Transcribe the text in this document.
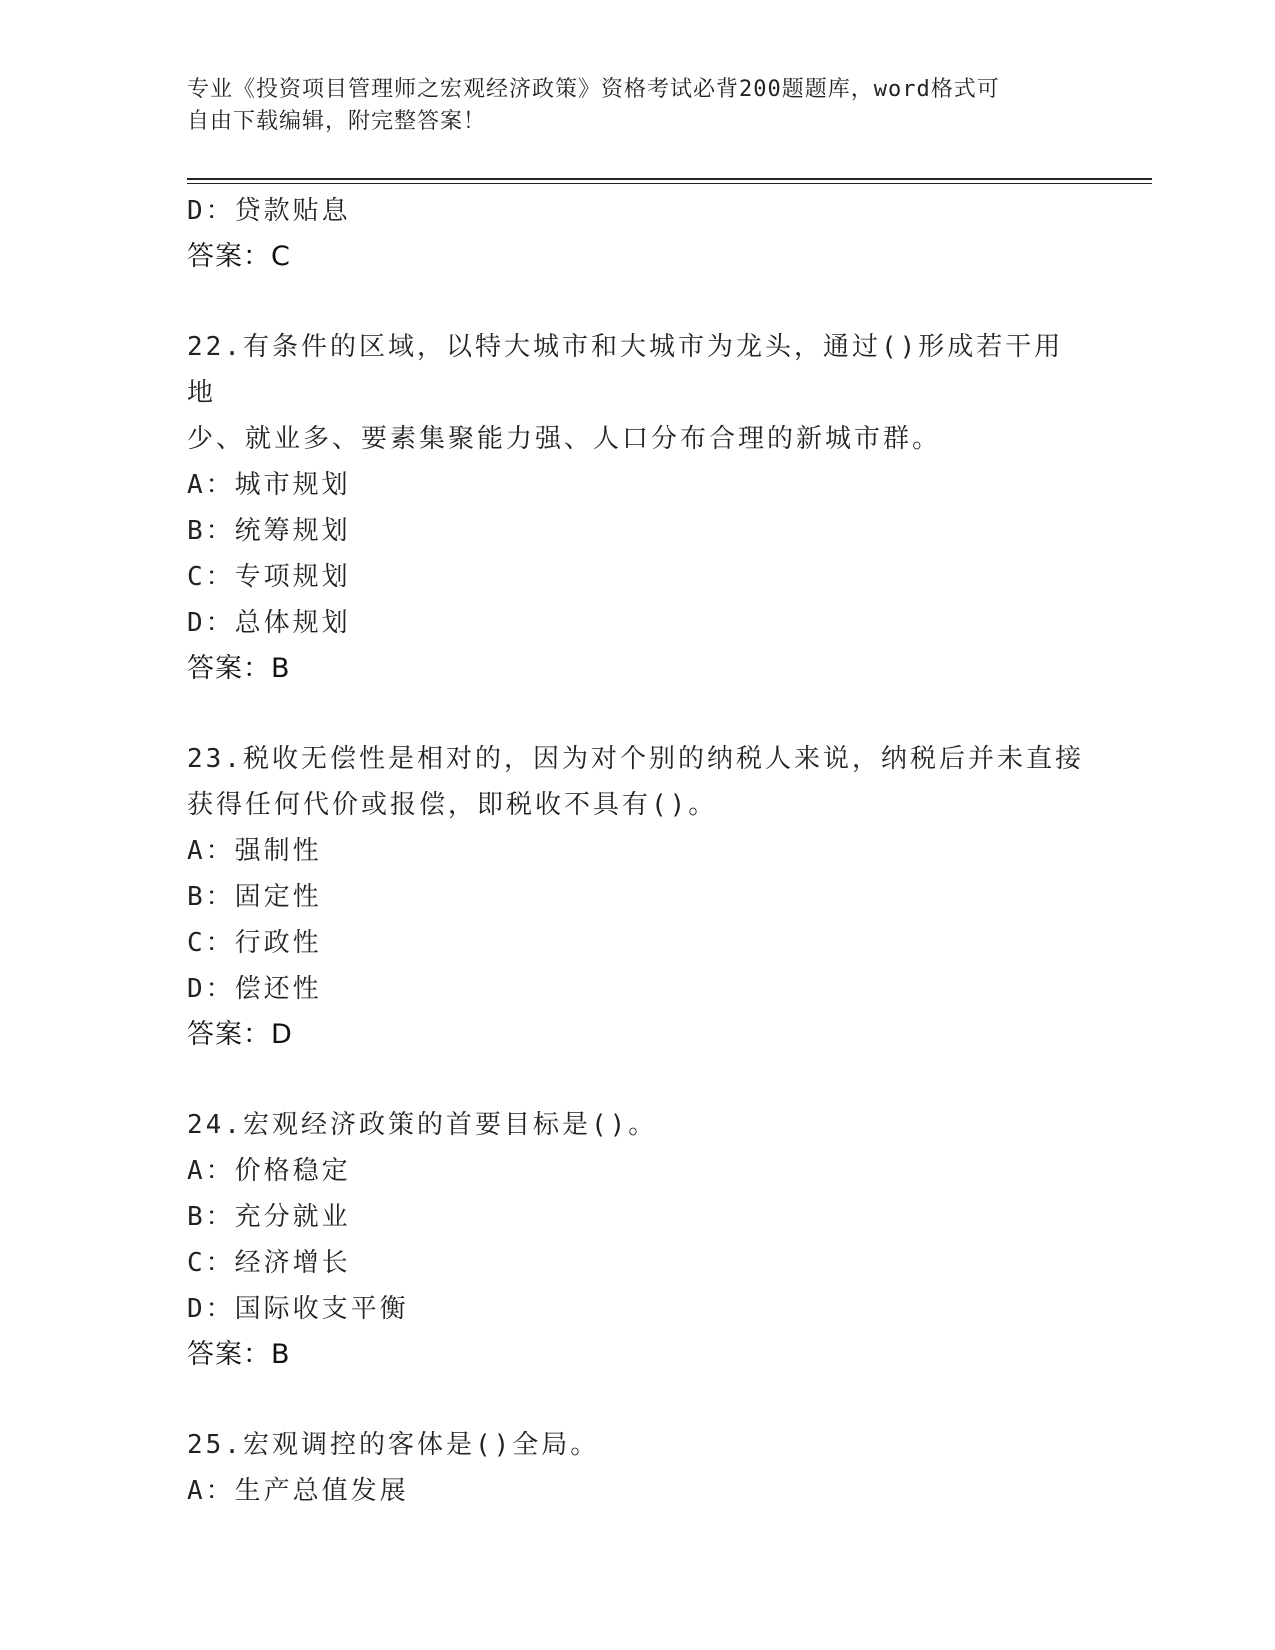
专业《投资项目管理师之宏观经济政策》资格考试必背200题题库，word格式可
自由下载编辑，附完整答案！
D：贷款贴息
答案：C
22.有条件的区域，以特大城市和大城市为龙头，通过()形成若干用地
少、就业多、要素集聚能力强、人口分布合理的新城市群。
A：城市规划
B：统筹规划
C：专项规划
D：总体规划
答案：B
23.税收无偿性是相对的，因为对个别的纳税人来说，纳税后并未直接
获得任何代价或报偿，即税收不具有()。
A：强制性
B：固定性
C：行政性
D：偿还性
答案：D
24.宏观经济政策的首要目标是()。
A：价格稳定
B：充分就业
C：经济增长
D：国际收支平衡
答案：B
25.宏观调控的客体是()全局。
A：生产总值发展
